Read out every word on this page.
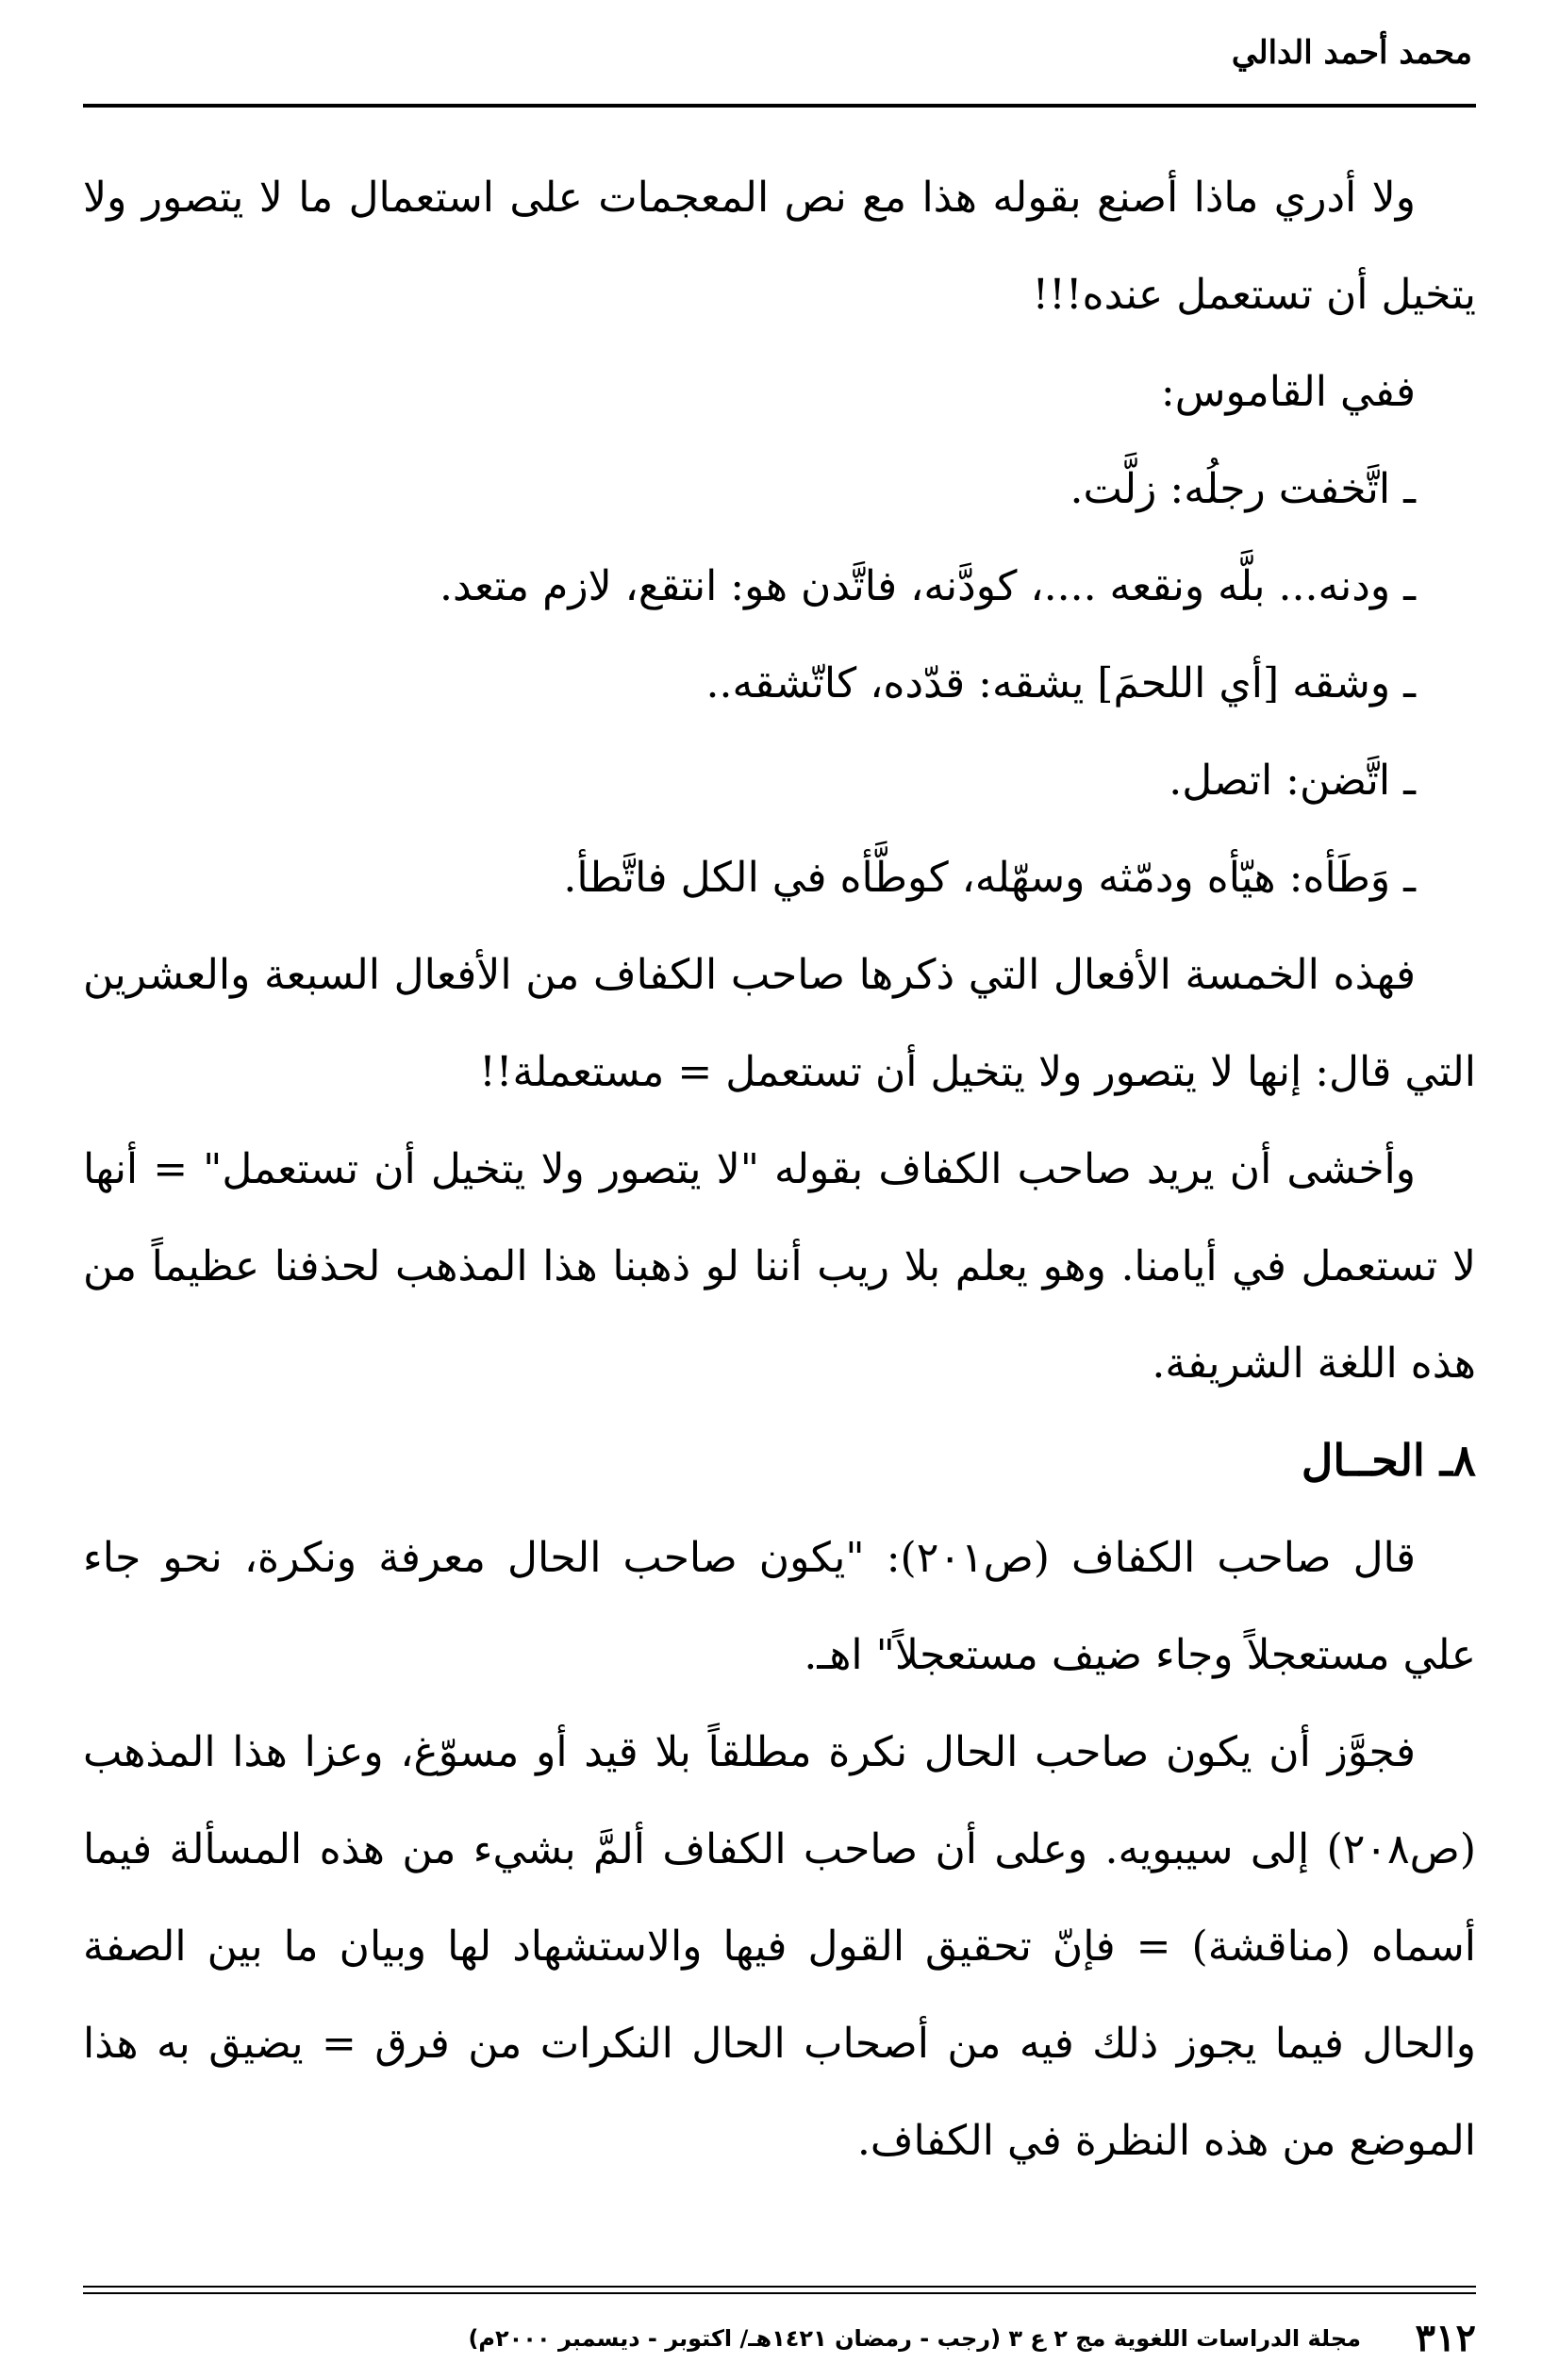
محمد أحمد الدالي

ولا أدري ماذا أصنع بقوله هذا مع نص المعجمات على استعمال ما لا يتصور ولا يتخيل أن تستعمل عنده!!!

ففي القاموس:

ـ اتَّخفت رجلُه: زلَّت.

ـ ودنه... بلَّه ونقعه ....، كودَّنه، فاتَّدن هو: انتقع، لازم متعد.

ـ وشقه [أي اللحمَ] يشقه: قدّده، كاتّشقه..

ـ اتَّضن: اتصل.

ـ وَطَأه: هيّأه ودمّثه وسهّله، كوطَّأه في الكل فاتَّطأ.

فهذه الخمسة الأفعال التي ذكرها صاحب الكفاف من الأفعال السبعة والعشرين التي قال: إنها لا يتصور ولا يتخيل أن تستعمل = مستعملة!!

وأخشى أن يريد صاحب الكفاف بقوله "لا يتصور ولا يتخيل أن تستعمل" = أنها لا تستعمل في أيامنا. وهو يعلم بلا ريب أننا لو ذهبنا هذا المذهب لحذفنا عظيماً من هذه اللغة الشريفة.

٨ـ الحــال

قال صاحب الكفاف (ص٢٠١): "يكون صاحب الحال معرفة ونكرة، نحو جاء علي مستعجلاً وجاء ضيف مستعجلاً" اهـ.

فجوَّز أن يكون صاحب الحال نكرة مطلقاً بلا قيد أو مسوّغ، وعزا هذا المذهب (ص٢٠٨) إلى سيبويه. وعلى أن صاحب الكفاف ألمَّ بشيء من هذه المسألة فيما أسماه (مناقشة) = فإنّ تحقيق القول فيها والاستشهاد لها وبيان ما بين الصفة والحال فيما يجوز ذلك فيه من أصحاب الحال النكرات من فرق = يضيق به هذا الموضع من هذه النظرة في الكفاف.

٣١٢
مجلة الدراسات اللغوية مج ٢ ع ٣ (رجب - رمضان ١٤٢١هـ/ اكتوبر - ديسمبر ٢٠٠٠م)
